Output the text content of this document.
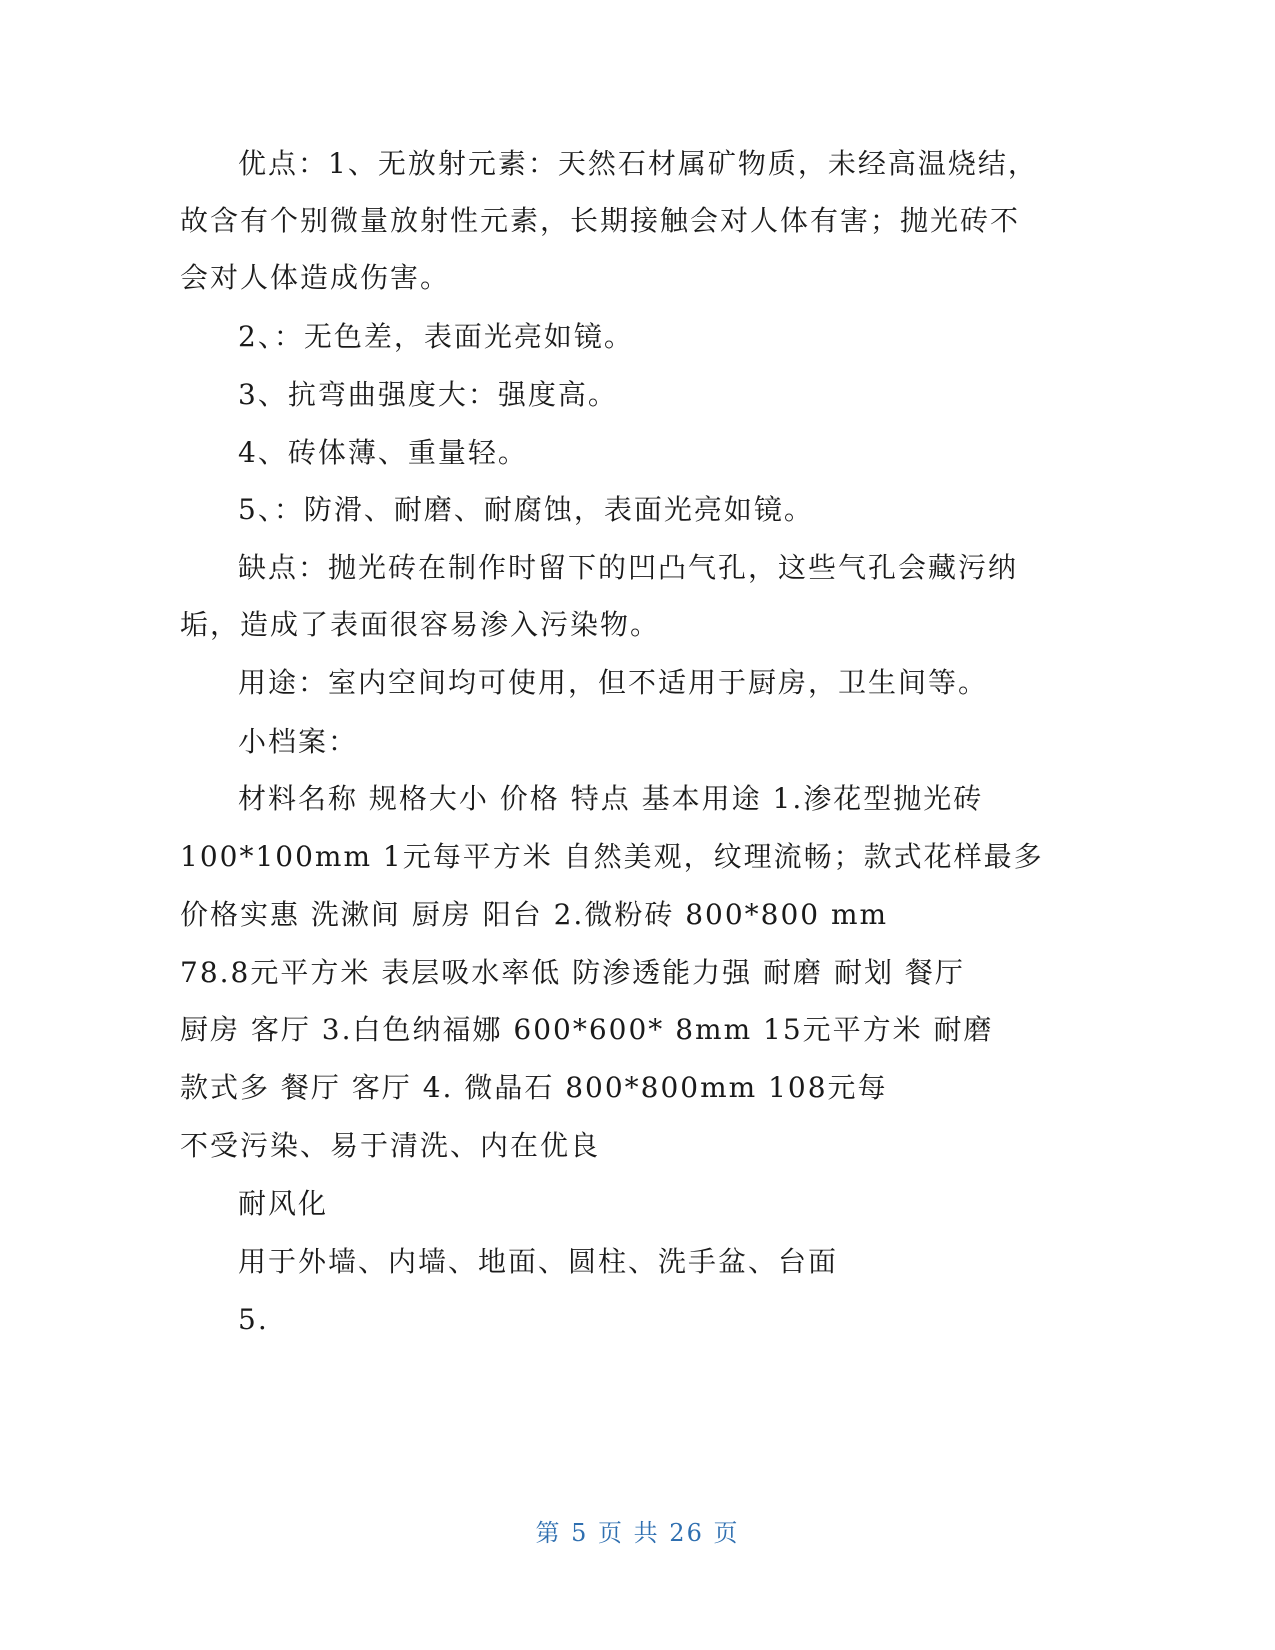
优点：1、无放射元素：天然石材属矿物质，未经高温烧结，
故含有个别微量放射性元素，长期接触会对人体有害；抛光砖不
会对人体造成伤害。
2、：无色差，表面光亮如镜。
3、抗弯曲强度大：强度高。
4、砖体薄、重量轻。
5、：防滑、耐磨、耐腐蚀，表面光亮如镜。
缺点：抛光砖在制作时留下的凹凸气孔，这些气孔会藏污纳
垢，造成了表面很容易渗入污染物。
用途：室内空间均可使用，但不适用于厨房，卫生间等。
小档案：
材料名称 规格大小 价格 特点 基本用途 1.渗花型抛光砖
100*100mm 1元每平方米 自然美观，纹理流畅；款式花样最多
价格实惠 洗漱间 厨房 阳台 2.微粉砖 800*800 mm
78.8元平方米 表层吸水率低 防渗透能力强 耐磨 耐划 餐厅
厨房 客厅 3.白色纳福娜 600*600* 8mm 15元平方米 耐磨
款式多 餐厅 客厅 4. 微晶石 800*800mm 108元每
不受污染、易于清洗、内在优良
耐风化
用于外墙、内墙、地面、圆柱、洗手盆、台面
5.
第 5 页 共 26 页
